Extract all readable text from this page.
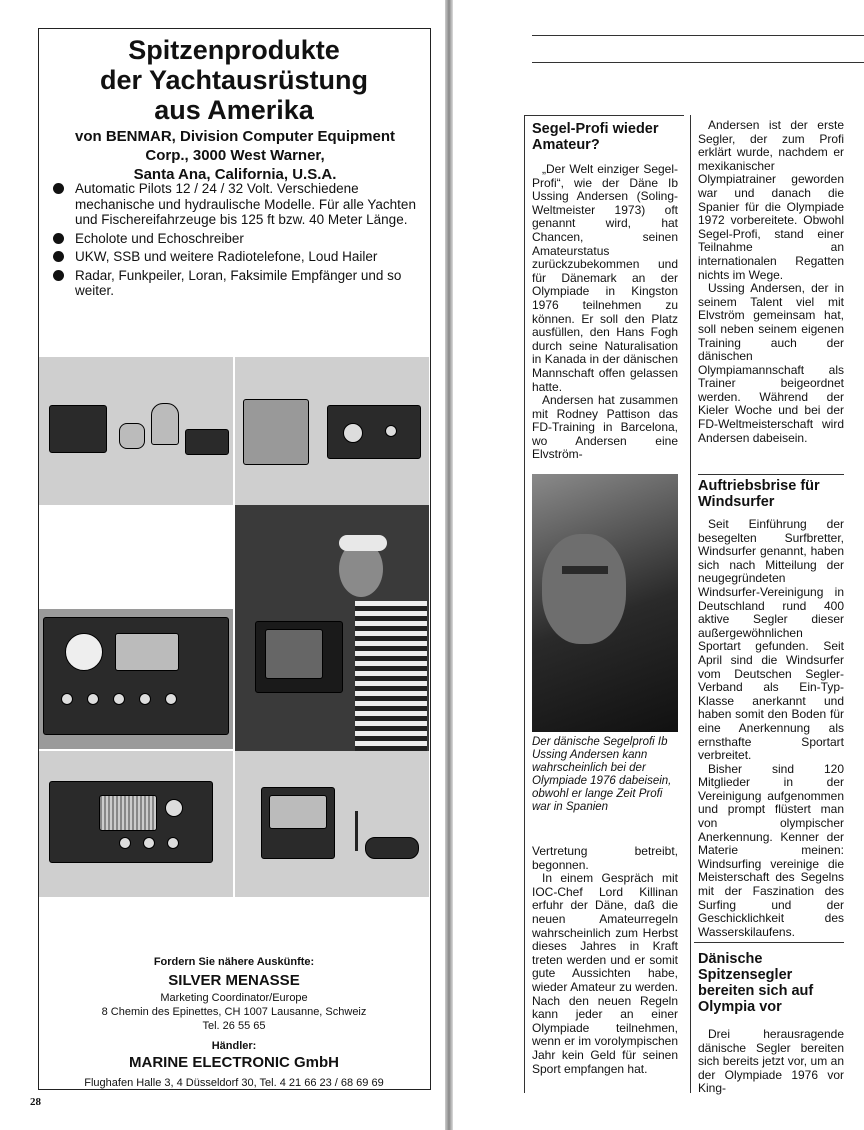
Spitzenprodukte
der Yachtausrüstung
aus Amerika
von BENMAR, Division Computer Equipment
Corp., 3000 West Warner,
Santa Ana, California, U.S.A.
Automatic Pilots 12 / 24 / 32 Volt. Verschiedene mechanische und hydraulische Modelle. Für alle Yachten und Fischereifahrzeuge bis 125 ft bzw. 40 Meter Länge.
Echolote und Echoschreiber
UKW, SSB und weitere Radiotelefone, Loud Hailer
Radar, Funkpeiler, Loran, Faksimile Empfänger und so weiter.
Fordern Sie nähere Auskünfte:
SILVER MENASSE
Marketing Coordinator/Europe
8 Chemin des Epinettes, CH 1007 Lausanne, Schweiz
Tel. 26 55 65
Händler:
MARINE ELECTRONIC GmbH
Flughafen Halle 3, 4 Düsseldorf 30, Tel. 4 21 66 23 / 68 69 69
28
Segel-Profi wieder Amateur?

„Der Welt einziger Segel-Profi“, wie der Däne Ib Ussing Andersen (Soling-Weltmeister 1973) oft genannt wird, hat Chancen, seinen Amateurstatus zurückzubekommen und für Dänemark an der Olympiade in Kingston 1976 teilnehmen zu können. Er soll den Platz ausfüllen, den Hans Fogh durch seine Naturalisation in Kanada in der dänischen Mannschaft offen gelassen hatte.

Andersen hat zusammen mit Rodney Pattison das FD-Training in Barcelona, wo Andersen eine Elvström-

Der dänische Segelprofi Ib Ussing Andersen kann wahrscheinlich bei der Olympiade 1976 dabeisein, obwohl er lange Zeit Profi war in Spanien

Vertretung betreibt, begonnen.

In einem Gespräch mit IOC-Chef Lord Killinan erfuhr der Däne, daß die neuen Amateurregeln wahrscheinlich zum Herbst dieses Jahres in Kraft treten werden und er somit gute Aussichten habe, wieder Amateur zu werden. Nach den neuen Regeln kann jeder an einer Olympiade teilnehmen, wenn er im vorolympischen Jahr kein Geld für seinen Sport empfangen hat.

Andersen ist der erste Segler, der zum Profi erklärt wurde, nachdem er mexikanischer Olympiatrainer geworden war und danach die Spanier für die Olympiade 1972 vorbereitete. Obwohl Segel-Profi, stand einer Teilnahme an internationalen Regatten nichts im Wege.

Ussing Andersen, der in seinem Talent viel mit Elvström gemeinsam hat, soll neben seinem eigenen Training auch der dänischen Olympiamannschaft als Trainer beigeordnet werden. Während der Kieler Woche und bei der FD-Weltmeisterschaft wird Andersen dabeisein.

Auftriebsbrise für Windsurfer

Seit Einführung der besegelten Surfbretter, Windsurfer genannt, haben sich nach Mitteilung der neugegründeten Windsurfer-Vereinigung in Deutschland rund 400 aktive Segler dieser außergewöhnlichen Sportart gefunden. Seit April sind die Windsurfer vom Deutschen Segler-Verband als Ein-Typ-Klasse anerkannt und haben somit den Boden für eine Anerkennung als ernsthafte Sportart verbreitet.

Bisher sind 120 Mitglieder in der Vereinigung aufgenommen und prompt flüstert man von olympischer Anerkennung. Kenner der Materie meinen: Windsurfing vereinige die Meisterschaft des Segelns mit der Faszination des Surfing und der Geschicklichkeit des Wasserskilaufens.

Dänische Spitzensegler bereiten sich auf Olympia vor

Drei herausragende dänische Segler bereiten sich bereits jetzt vor, um an der Olympiade 1976 vor King-
